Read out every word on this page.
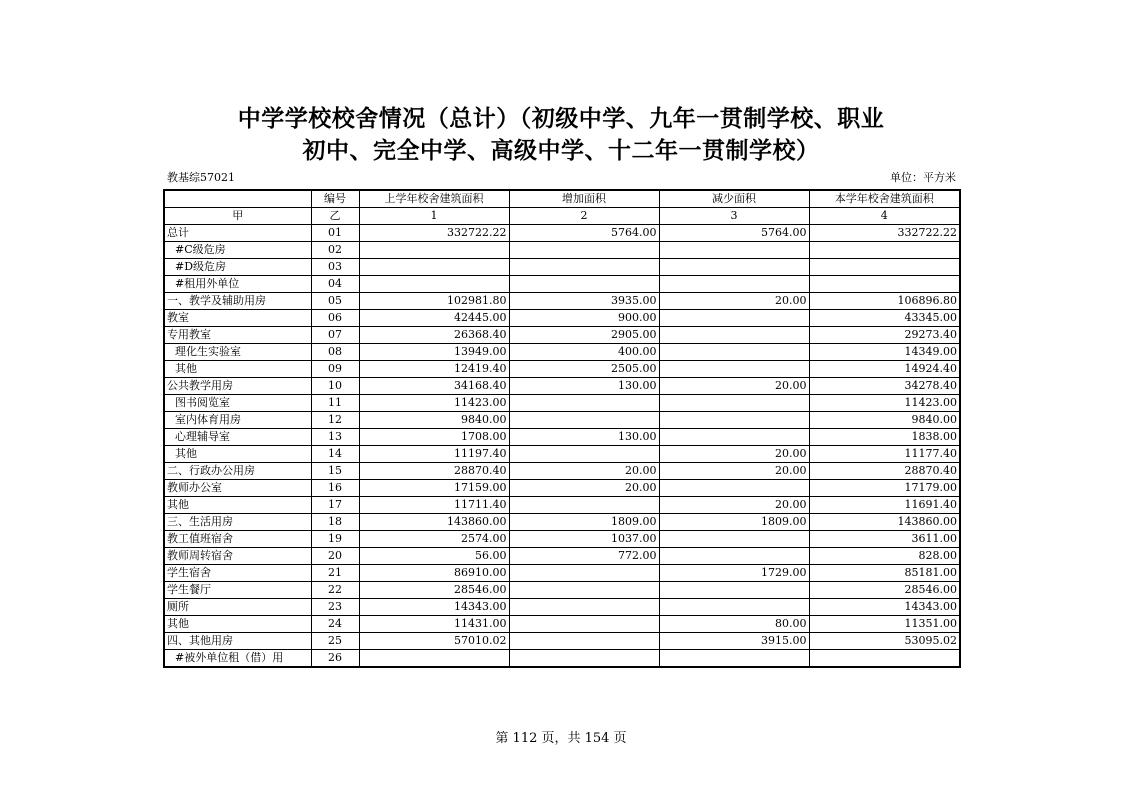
中学学校校舍情况（总计）（初级中学、九年一贯制学校、职业
初中、完全中学、高级中学、十二年一贯制学校）
教基综57021	单位：平方米
	编号	上学年校舍建筑面积	增加面积	减少面积	本学年校舍建筑面积
甲	乙	1	2	3	4
总计	01	332722.22	5764.00	5764.00	332722.22
#C级危房	02				
#D级危房	03				
#租用外单位	04				
一、教学及辅助用房	05	102981.80	3935.00	20.00	106896.80
教室	06	42445.00	900.00		43345.00
专用教室	07	26368.40	2905.00		29273.40
理化生实验室	08	13949.00	400.00		14349.00
其他	09	12419.40	2505.00		14924.40
公共教学用房	10	34168.40	130.00	20.00	34278.40
图书阅览室	11	11423.00			11423.00
室内体育用房	12	9840.00			9840.00
心理辅导室	13	1708.00	130.00		1838.00
其他	14	11197.40		20.00	11177.40
二、行政办公用房	15	28870.40	20.00	20.00	28870.40
教师办公室	16	17159.00	20.00		17179.00
其他	17	11711.40		20.00	11691.40
三、生活用房	18	143860.00	1809.00	1809.00	143860.00
教工值班宿舍	19	2574.00	1037.00		3611.00
教师周转宿舍	20	56.00	772.00		828.00
学生宿舍	21	86910.00		1729.00	85181.00
学生餐厅	22	28546.00			28546.00
厕所	23	14343.00			14343.00
其他	24	11431.00		80.00	11351.00
四、其他用房	25	57010.02		3915.00	53095.02
#被外单位租（借）用	26				
第 112 页，共 154 页
